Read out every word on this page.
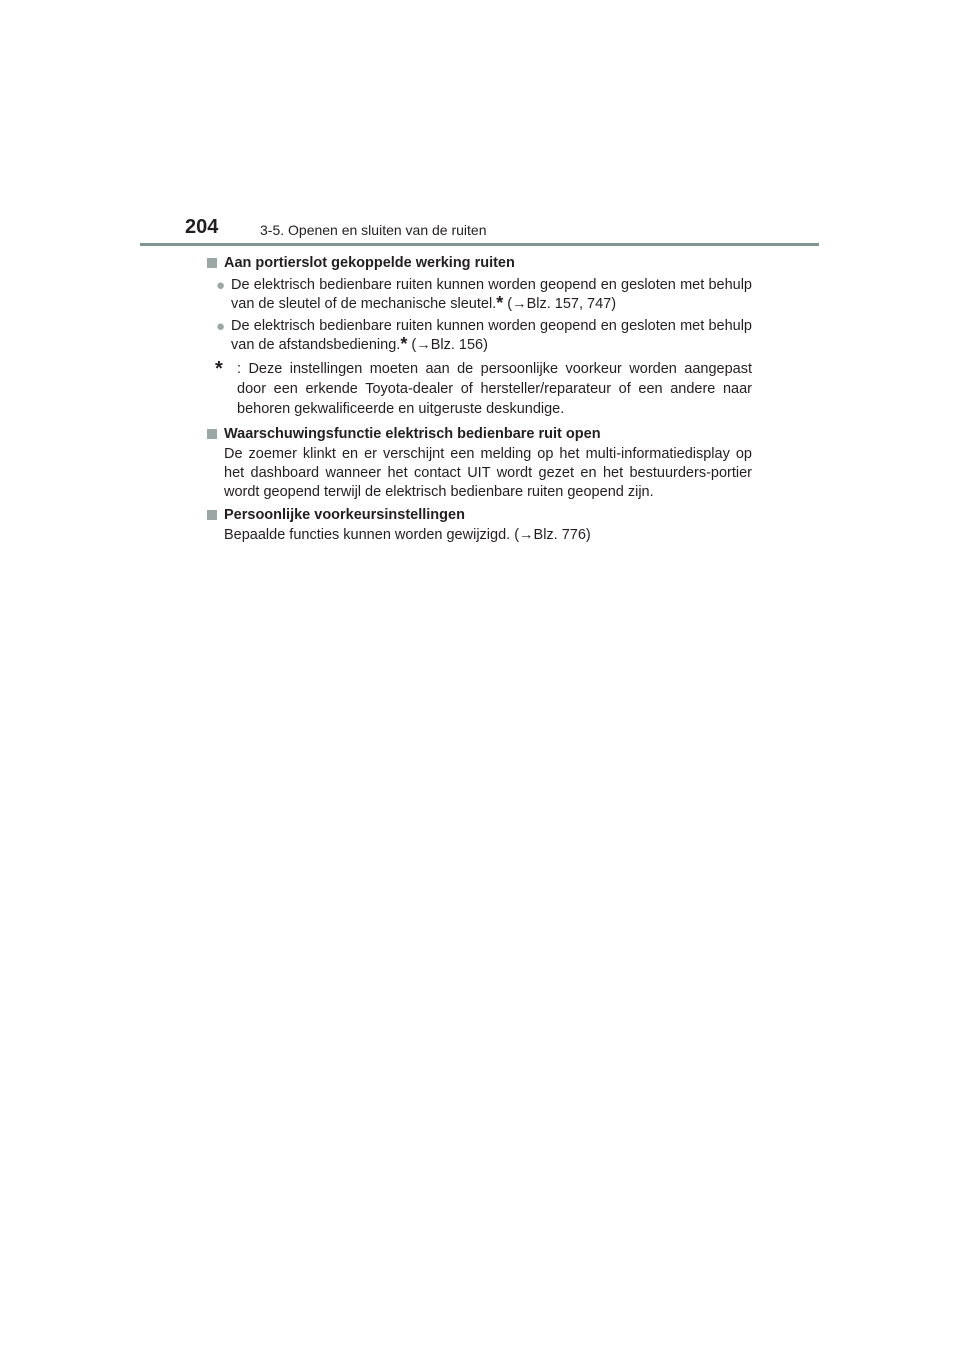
204	3-5. Openen en sluiten van de ruiten
Aan portierslot gekoppelde werking ruiten
● De elektrisch bedienbare ruiten kunnen worden geopend en gesloten met behulp van de sleutel of de mechanische sleutel.* (→Blz. 157, 747)
● De elektrisch bedienbare ruiten kunnen worden geopend en gesloten met behulp van de afstandsbediening.* (→Blz. 156)
* : Deze instellingen moeten aan de persoonlijke voorkeur worden aangepast door een erkende Toyota-dealer of hersteller/reparateur of een andere naar behoren gekwalificeerde en uitgeruste deskundige.
Waarschuwingsfunctie elektrisch bedienbare ruit open
De zoemer klinkt en er verschijnt een melding op het multi-informatiedisplay op het dashboard wanneer het contact UIT wordt gezet en het bestuurders-portier wordt geopend terwijl de elektrisch bedienbare ruiten geopend zijn.
Persoonlijke voorkeursinstellingen
Bepaalde functies kunnen worden gewijzigd. (→Blz. 776)
